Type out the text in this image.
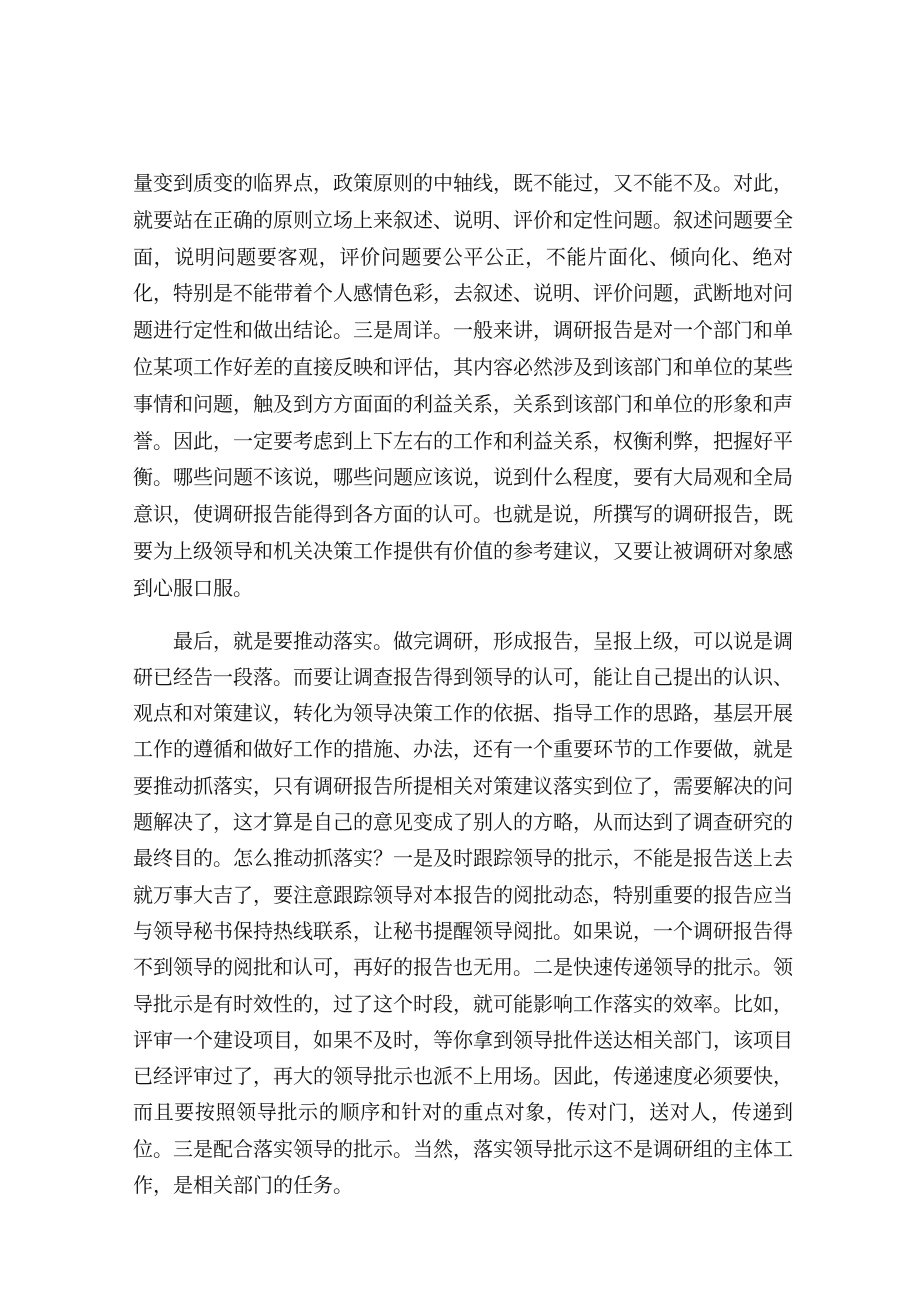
量变到质变的临界点，政策原则的中轴线，既不能过，又不能不及。对此，就要站在正确的原则立场上来叙述、说明、评价和定性问题。叙述问题要全面，说明问题要客观，评价问题要公平公正，不能片面化、倾向化、绝对化，特别是不能带着个人感情色彩，去叙述、说明、评价问题，武断地对问题进行定性和做出结论。三是周详。一般来讲，调研报告是对一个部门和单位某项工作好差的直接反映和评估，其内容必然涉及到该部门和单位的某些事情和问题，触及到方方面面的利益关系，关系到该部门和单位的形象和声誉。因此，一定要考虑到上下左右的工作和利益关系，权衡利弊，把握好平衡。哪些问题不该说，哪些问题应该说，说到什么程度，要有大局观和全局意识，使调研报告能得到各方面的认可。也就是说，所撰写的调研报告，既要为上级领导和机关决策工作提供有价值的参考建议，又要让被调研对象感到心服口服。

最后，就是要推动落实。做完调研，形成报告，呈报上级，可以说是调研已经告一段落。而要让调查报告得到领导的认可，能让自己提出的认识、观点和对策建议，转化为领导决策工作的依据、指导工作的思路，基层开展工作的遵循和做好工作的措施、办法，还有一个重要环节的工作要做，就是要推动抓落实，只有调研报告所提相关对策建议落实到位了，需要解决的问题解决了，这才算是自己的意见变成了别人的方略，从而达到了调查研究的最终目的。怎么推动抓落实？一是及时跟踪领导的批示，不能是报告送上去就万事大吉了，要注意跟踪领导对本报告的阅批动态，特别重要的报告应当与领导秘书保持热线联系，让秘书提醒领导阅批。如果说，一个调研报告得不到领导的阅批和认可，再好的报告也无用。二是快速传递领导的批示。领导批示是有时效性的，过了这个时段，就可能影响工作落实的效率。比如，评审一个建设项目，如果不及时，等你拿到领导批件送达相关部门，该项目已经评审过了，再大的领导批示也派不上用场。因此，传递速度必须要快，而且要按照领导批示的顺序和针对的重点对象，传对门，送对人，传递到位。三是配合落实领导的批示。当然，落实领导批示这不是调研组的主体工作，是相关部门的任务。
